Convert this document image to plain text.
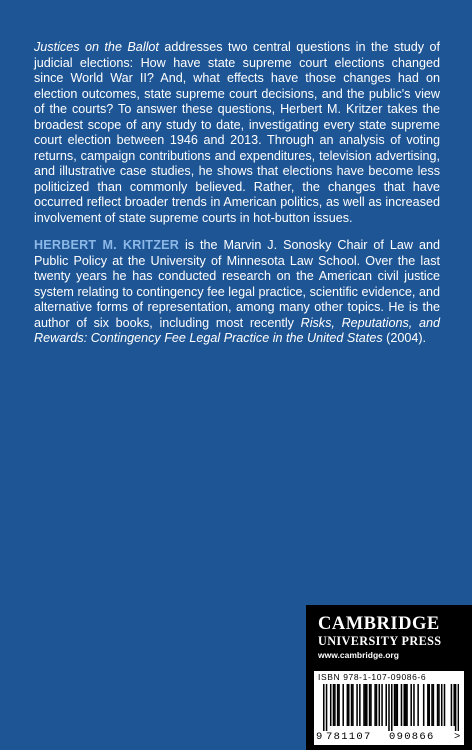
Justices on the Ballot addresses two central questions in the study of judicial elections: How have state supreme court elections changed since World War II? And, what effects have those changes had on election outcomes, state supreme court decisions, and the public's view of the courts? To answer these questions, Herbert M. Kritzer takes the broadest scope of any study to date, investigating every state supreme court election between 1946 and 2013. Through an analysis of voting returns, campaign contributions and expenditures, television advertising, and illustrative case studies, he shows that elections have become less politicized than commonly believed. Rather, the changes that have occurred reflect broader trends in American politics, as well as increased involvement of state supreme courts in hot-button issues.

HERBERT M. KRITZER is the Marvin J. Sonosky Chair of Law and Public Policy at the University of Minnesota Law School. Over the last twenty years he has conducted research on the American civil justice system relating to contingency fee legal practice, scientific evidence, and alternative forms of representation, among many other topics. He is the author of six books, including most recently Risks, Reputations, and Rewards: Contingency Fee Legal Practice in the United States (2004).

CAMBRIDGE
UNIVERSITY PRESS
www.cambridge.org
ISBN 978-1-107-09086-6
9 781107 090866 >
